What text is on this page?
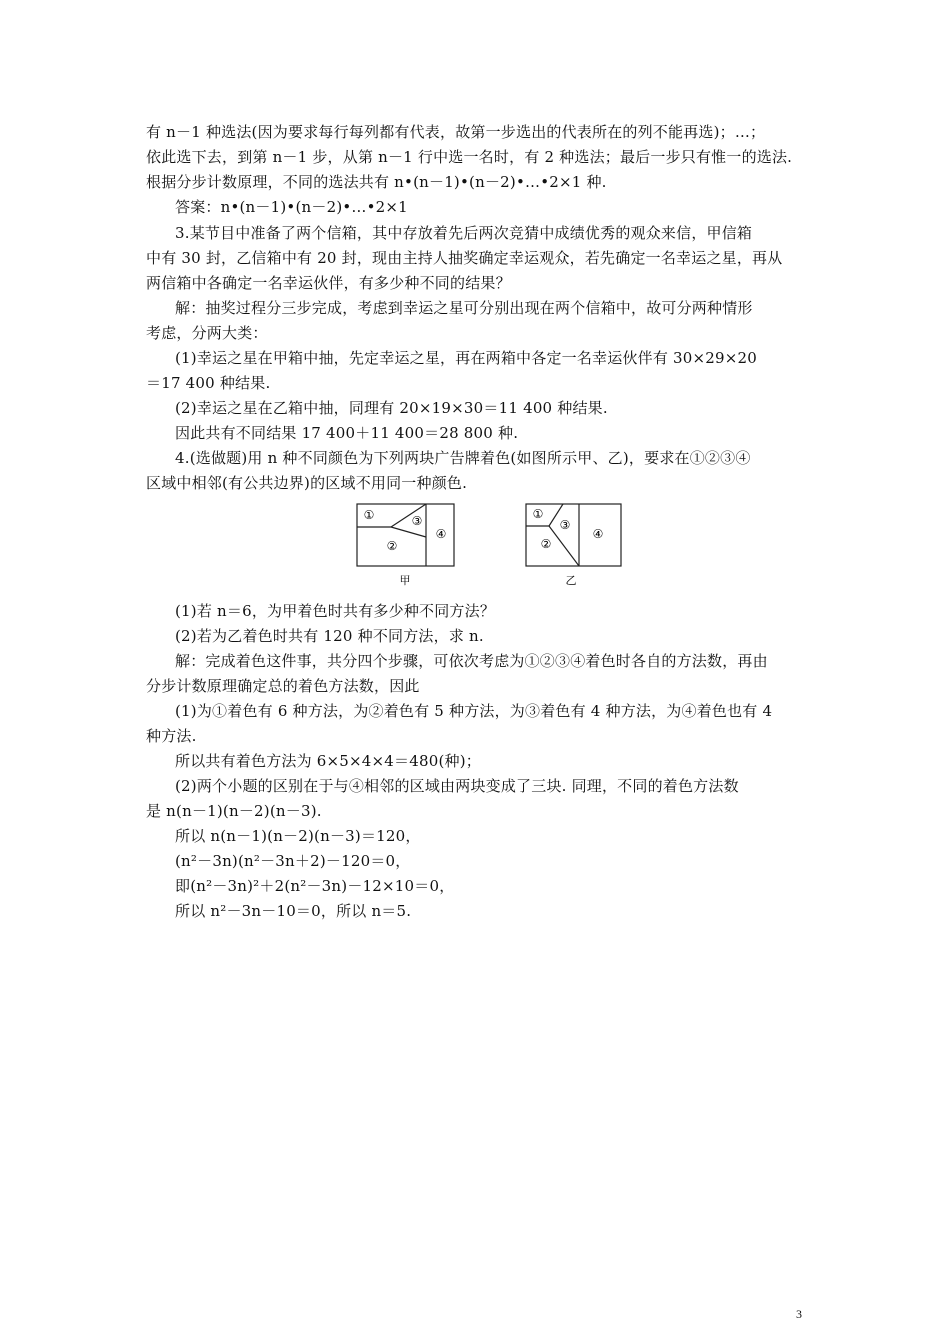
有 n－1 种选法(因为要求每行每列都有代表，故第一步选出的代表所在的列不能再选)；…；
依此选下去，到第 n－1 步，从第 n－1 行中选一名时，有 2 种选法；最后一步只有惟一的选法.
根据分步计数原理，不同的选法共有 n•(n－1)•(n－2)•…•2×1 种.
答案：n•(n－1)•(n－2)•…•2×1
3.某节目中准备了两个信箱，其中存放着先后两次竞猜中成绩优秀的观众来信，甲信箱
中有 30 封，乙信箱中有 20 封，现由主持人抽奖确定幸运观众，若先确定一名幸运之星，再从
两信箱中各确定一名幸运伙伴，有多少种不同的结果？
解：抽奖过程分三步完成，考虑到幸运之星可分别出现在两个信箱中，故可分两种情形
考虑，分两大类：
(1)幸运之星在甲箱中抽，先定幸运之星，再在两箱中各定一名幸运伙伴有 30×29×20
＝17 400 种结果.
(2)幸运之星在乙箱中抽，同理有 20×19×30＝11 400 种结果.
因此共有不同结果 17 400＋11 400＝28 800 种.
4.(选做题)用 n 种不同颜色为下列两块广告牌着色(如图所示甲、乙)，要求在①②③④
区域中相邻(有公共边界)的区域不用同一种颜色.
①
②
③
④
甲
①
②
③
④
乙
(1)若 n＝6，为甲着色时共有多少种不同方法？
(2)若为乙着色时共有 120 种不同方法，求 n.
解：完成着色这件事，共分四个步骤，可依次考虑为①②③④着色时各自的方法数，再由
分步计数原理确定总的着色方法数，因此
(1)为①着色有 6 种方法，为②着色有 5 种方法，为③着色有 4 种方法，为④着色也有 4
种方法.
所以共有着色方法为 6×5×4×4＝480(种)；
(2)两个小题的区别在于与④相邻的区域由两块变成了三块. 同理，不同的着色方法数
是 n(n－1)(n－2)(n－3).
所以 n(n－1)(n－2)(n－3)＝120，
(n²－3n)(n²－3n＋2)－120＝0，
即(n²－3n)²＋2(n²－3n)－12×10＝0，
所以 n²－3n－10＝0，所以 n＝5.
3
